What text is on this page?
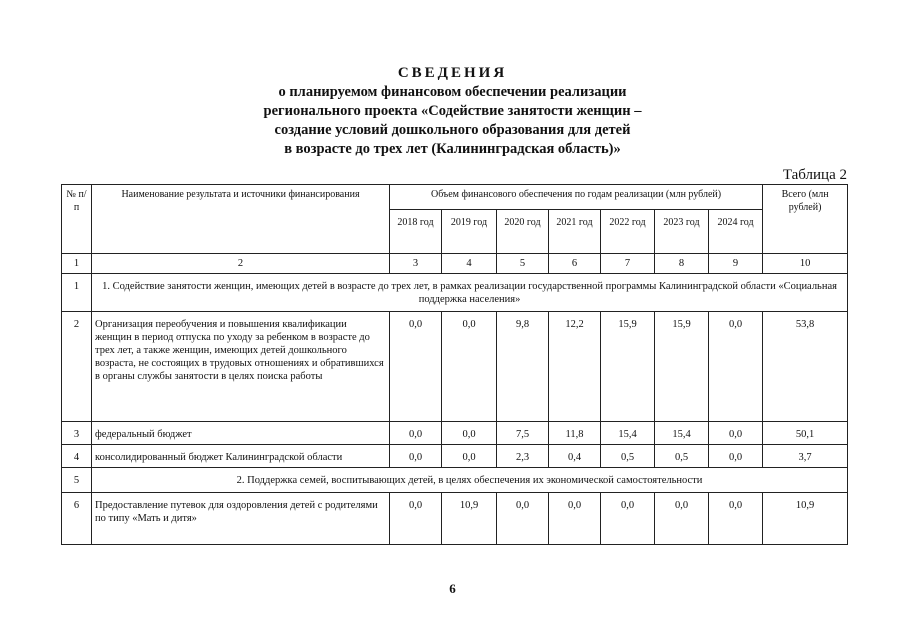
СВЕДЕНИЯ
о планируемом финансовом обеспечении реализации
регионального проекта «Содействие занятости женщин –
создание условий дошкольного образования для детей
в возрасте до трех лет (Калининградская область)»
Таблица 2
№ п/п	Наименование результата и источники финансирования	Объем финансового обеспечения по годам реализации (млн рублей)							Всего (млн рублей)
		2018 год	2019 год	2020 год	2021 год	2022 год	2023 год	2024 год	
1	2	3	4	5	6	7	8	9	10
1	1. Содействие занятости женщин, имеющих детей в возрасте до трех лет, в рамках реализации государственной программы Калининградской области «Социальная поддержка населения»								
2	Организация переобучения и повышения квалификации женщин в период отпуска по уходу за ребенком в возрасте до трех лет, а также женщин, имеющих детей дошкольного возраста, не состоящих в трудовых отношениях и обратившихся в органы службы занятости в целях поиска работы	0,0	0,0	9,8	12,2	15,9	15,9	0,0	53,8
3	федеральный бюджет	0,0	0,0	7,5	11,8	15,4	15,4	0,0	50,1
4	консолидированный бюджет Калининградской области	0,0	0,0	2,3	0,4	0,5	0,5	0,0	3,7
5	2. Поддержка семей, воспитывающих детей, в целях обеспечения их экономической самостоятельности								
6	Предоставление путевок для оздоровления детей с родителями по типу «Мать и дитя»	0,0	10,9	0,0	0,0	0,0	0,0	0,0	10,9
6
